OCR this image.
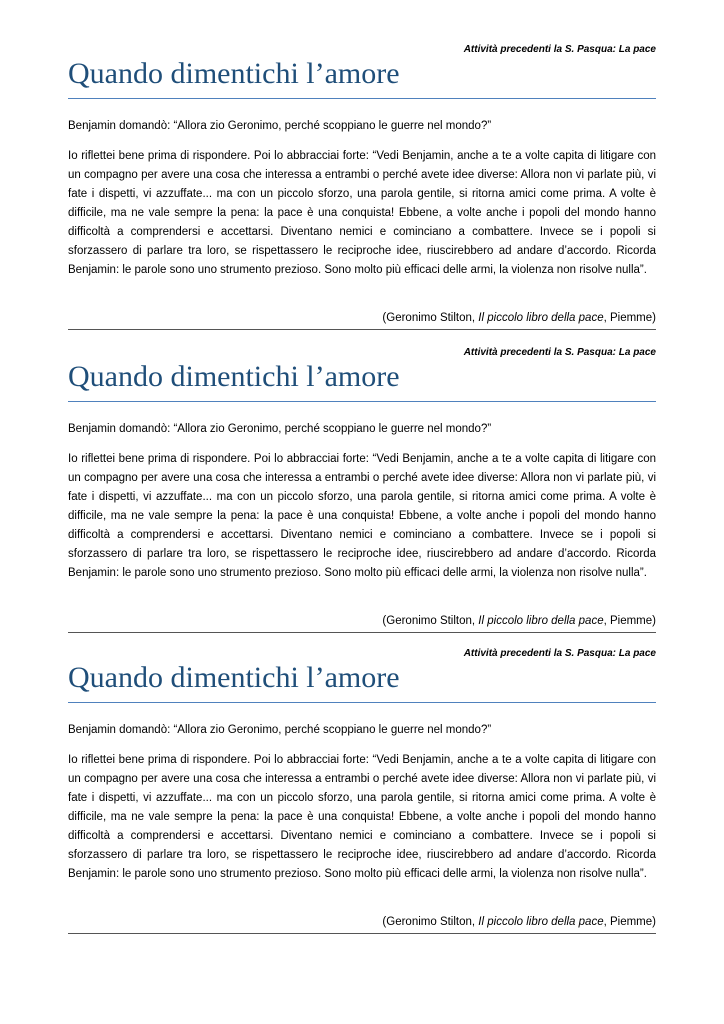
Attività precedenti la S. Pasqua: La pace
Quando dimentichi l’amore
Benjamin domandò: “Allora zio Geronimo, perché scoppiano le guerre nel mondo?”

Io riflettei bene prima di rispondere. Poi lo abbracciai forte: “Vedi Benjamin, anche a te a volte capita di litigare con un compagno per avere una cosa che interessa a entrambi o perché avete idee diverse: Allora non vi parlate più, vi fate i dispetti, vi azzuffate... ma con un piccolo sforzo, una parola gentile, si ritorna amici come prima. A volte è difficile, ma ne vale sempre la pena: la pace è una conquista! Ebbene, a volte anche i popoli del mondo hanno difficoltà a comprendersi e accettarsi. Diventano nemici e cominciano a combattere. Invece se i popoli si sforzassero di parlare tra loro, se rispettassero le reciproche idee, riuscirebbero ad andare d’accordo. Ricorda Benjamin: le parole sono uno strumento prezioso. Sono molto più efficaci delle armi, la violenza non risolve nulla”.

(Geronimo Stilton, Il piccolo libro della pace, Piemme)
Attività precedenti la S. Pasqua: La pace
Quando dimentichi l’amore
Benjamin domandò: “Allora zio Geronimo, perché scoppiano le guerre nel mondo?”

Io riflettei bene prima di rispondere. Poi lo abbracciai forte: “Vedi Benjamin, anche a te a volte capita di litigare con un compagno per avere una cosa che interessa a entrambi o perché avete idee diverse: Allora non vi parlate più, vi fate i dispetti, vi azzuffate... ma con un piccolo sforzo, una parola gentile, si ritorna amici come prima. A volte è difficile, ma ne vale sempre la pena: la pace è una conquista! Ebbene, a volte anche i popoli del mondo hanno difficoltà a comprendersi e accettarsi. Diventano nemici e cominciano a combattere. Invece se i popoli si sforzassero di parlare tra loro, se rispettassero le reciproche idee, riuscirebbero ad andare d’accordo. Ricorda Benjamin: le parole sono uno strumento prezioso. Sono molto più efficaci delle armi, la violenza non risolve nulla”.

(Geronimo Stilton, Il piccolo libro della pace, Piemme)
Attività precedenti la S. Pasqua: La pace
Quando dimentichi l’amore
Benjamin domandò: “Allora zio Geronimo, perché scoppiano le guerre nel mondo?”

Io riflettei bene prima di rispondere. Poi lo abbracciai forte: “Vedi Benjamin, anche a te a volte capita di litigare con un compagno per avere una cosa che interessa a entrambi o perché avete idee diverse: Allora non vi parlate più, vi fate i dispetti, vi azzuffate... ma con un piccolo sforzo, una parola gentile, si ritorna amici come prima. A volte è difficile, ma ne vale sempre la pena: la pace è una conquista! Ebbene, a volte anche i popoli del mondo hanno difficoltà a comprendersi e accettarsi. Diventano nemici e cominciano a combattere. Invece se i popoli si sforzassero di parlare tra loro, se rispettassero le reciproche idee, riuscirebbero ad andare d’accordo. Ricorda Benjamin: le parole sono uno strumento prezioso. Sono molto più efficaci delle armi, la violenza non risolve nulla”.

(Geronimo Stilton, Il piccolo libro della pace, Piemme)
